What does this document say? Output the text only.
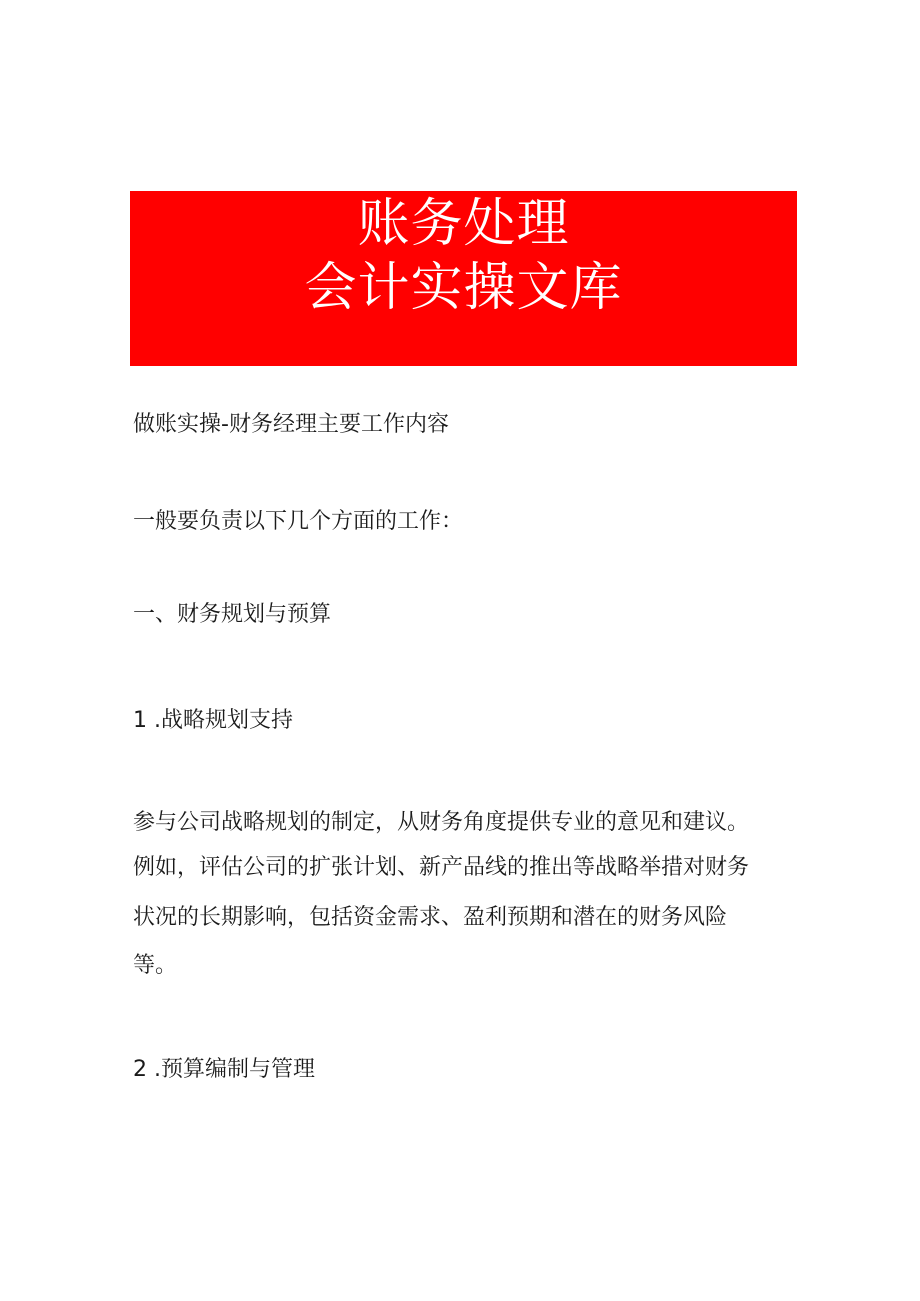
账务处理
会计实操文库
做账实操-财务经理主要工作内容
一般要负责以下几个方面的工作：
一、财务规划与预算
1 .战略规划支持
参与公司战略规划的制定，从财务角度提供专业的意见和建议。
例如，评估公司的扩张计划、新产品线的推出等战略举措对财务
状况的长期影响，包括资金需求、盈利预期和潜在的财务风险
等。
2 .预算编制与管理
